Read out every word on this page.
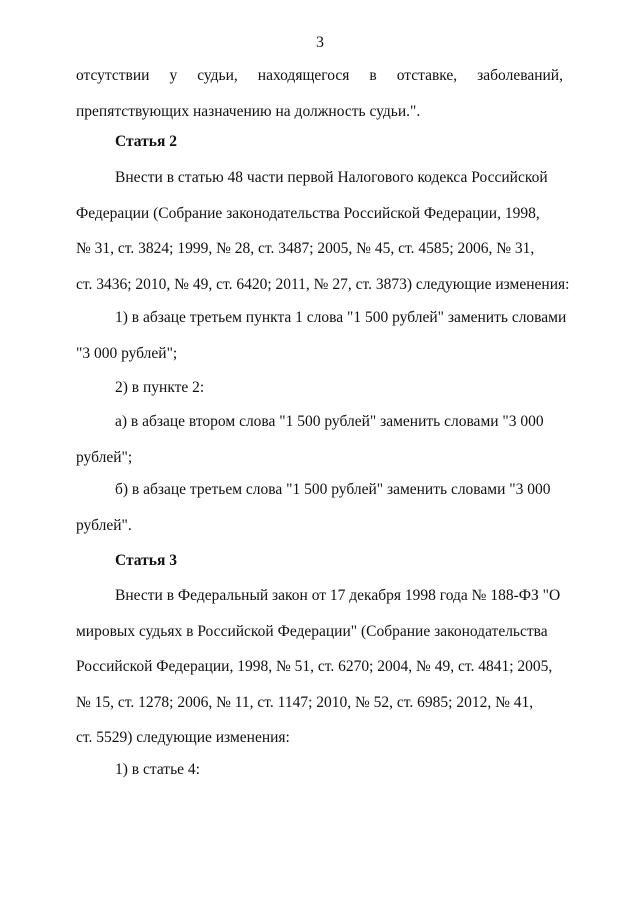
3
отсутствии у судьи, находящегося в отставке, заболеваний,
препятствующих назначению на должность судьи.".
Статья 2
Внести в статью 48 части первой Налогового кодекса Российской
Федерации (Собрание законодательства Российской Федерации, 1998,
№ 31, ст. 3824; 1999, № 28, ст. 3487; 2005, № 45, ст. 4585; 2006, № 31,
ст. 3436; 2010, № 49, ст. 6420; 2011, № 27, ст. 3873) следующие изменения:
1) в абзаце третьем пункта 1 слова "1 500 рублей" заменить словами
"3 000 рублей";
2) в пункте 2:
а) в абзаце втором слова "1 500 рублей" заменить словами "3 000
рублей";
б) в абзаце третьем слова "1 500 рублей" заменить словами "3 000
рублей".
Статья 3
Внести в Федеральный закон от 17 декабря 1998 года № 188-ФЗ "О
мировых судьях в Российской Федерации" (Собрание законодательства
Российской Федерации, 1998, № 51, ст. 6270; 2004, № 49, ст. 4841; 2005,
№ 15, ст. 1278; 2006, № 11, ст. 1147; 2010, № 52, ст. 6985; 2012, № 41,
ст. 5529) следующие изменения:
1) в статье 4:
